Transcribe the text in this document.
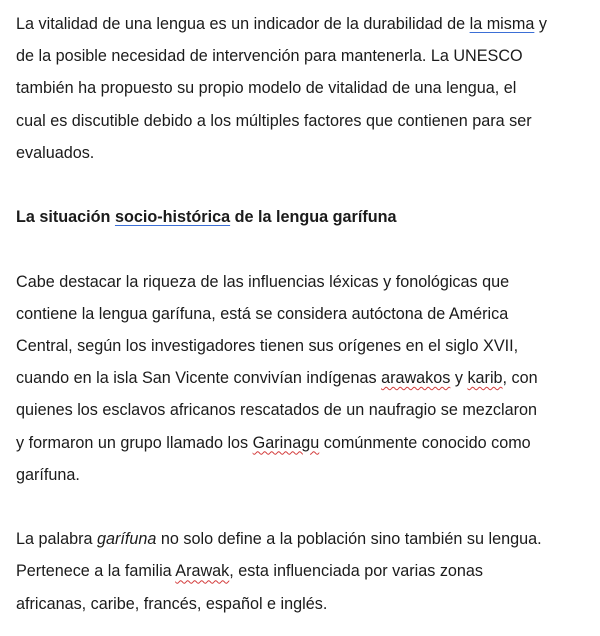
La vitalidad de una lengua es un indicador de la durabilidad de la misma y

de la posible necesidad de intervención para mantenerla. La UNESCO

también ha propuesto su propio modelo de vitalidad de una lengua, el

cual es discutible debido a los múltiples factores que contienen para ser

evaluados.

La situación socio-histórica de la lengua garífuna

Cabe destacar la riqueza de las influencias léxicas y fonológicas que

contiene la lengua garífuna, está se considera autóctona de América

Central, según los investigadores tienen sus orígenes en el siglo XVII,

cuando en la isla San Vicente convivían indígenas arawakos y karib, con

quienes los esclavos africanos rescatados de un naufragio se mezclaron

y formaron un grupo llamado los Garinagu comúnmente conocido como

garífuna.

La palabra garífuna no solo define a la población sino también su lengua.

Pertenece a la familia Arawak, esta influenciada por varias zonas

africanas, caribe, francés, español e inglés.
